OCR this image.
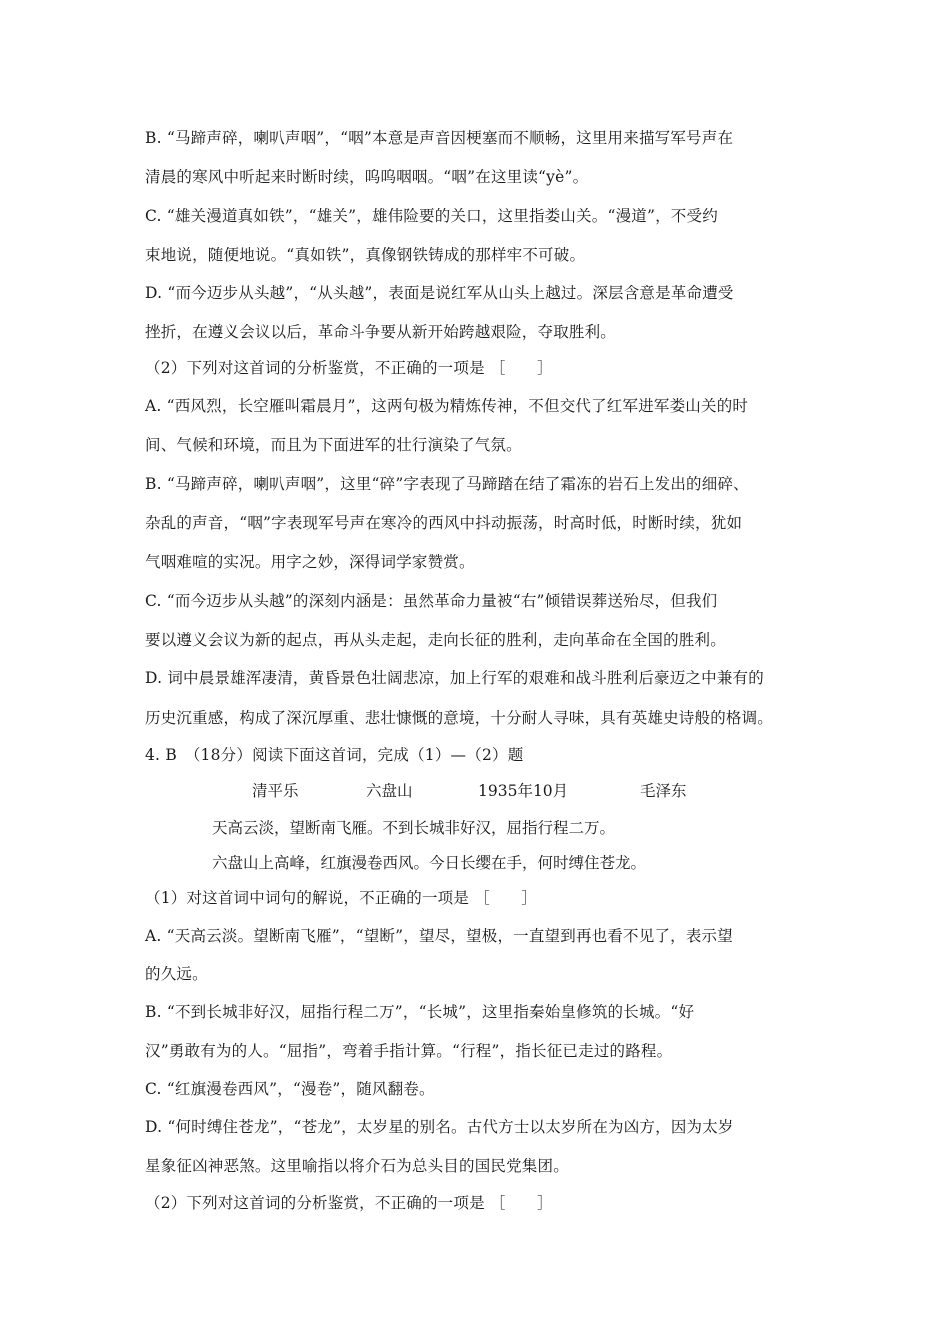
B. “马蹄声碎，喇叭声咽”，“咽”本意是声音因梗塞而不顺畅，这里用来描写军号声在
清晨的寒风中听起来时断时续，呜呜咽咽。“咽”在这里读“yè”。
C. “雄关漫道真如铁”，“雄关”，雄伟险要的关口，这里指娄山关。“漫道”，不受约
束地说，随便地说。“真如铁”，真像钢铁铸成的那样牢不可破。
D. “而今迈步从头越”，“从头越”，表面是说红军从山头上越过。深层含意是革命遭受
挫折，在遵义会议以后，革命斗争要从新开始跨越艰险，夺取胜利。
（2）下列对这首词的分析鉴赏，不正确的一项是 ［　　］
A. “西风烈，长空雁叫霜晨月”，这两句极为精炼传神，不但交代了红军进军娄山关的时
间、气候和环境，而且为下面进军的壮行演染了气氛。
B. “马蹄声碎，喇叭声咽”，这里“碎”字表现了马蹄踏在结了霜冻的岩石上发出的细碎、
杂乱的声音，“咽”字表现军号声在寒冷的西风中抖动振荡，时高时低，时断时续，犹如
气咽难喧的实况。用字之妙，深得词学家赞赏。
C. “而今迈步从头越”的深刻内涵是：虽然革命力量被“右”倾错误葬送殆尽，但我们
要以遵义会议为新的起点，再从头走起，走向长征的胜利，走向革命在全国的胜利。
D. 词中晨景雄浑凄清，黄昏景色壮阔悲凉，加上行军的艰难和战斗胜利后豪迈之中兼有的
历史沉重感，构成了深沉厚重、悲壮慷慨的意境，十分耐人寻味，具有英雄史诗般的格调。
4. B　（18分）阅读下面这首词，完成（1）—（2）题
清平乐	六盘山	1935年10月	毛泽东
天高云淡，望断南飞雁。不到长城非好汉，屈指行程二万。
六盘山上高峰，红旗漫卷西风。今日长缨在手，何时缚住苍龙。
（1）对这首词中词句的解说，不正确的一项是 ［　　］
A. “天高云淡。望断南飞雁”，“望断”，望尽，望极，一直望到再也看不见了，表示望
的久远。
B. “不到长城非好汉，屈指行程二万”，“长城”，这里指秦始皇修筑的长城。“好
汉”勇敢有为的人。“屈指”，弯着手指计算。“行程”，指长征已走过的路程。
C. “红旗漫卷西风”，“漫卷”，随风翻卷。
D. “何时缚住苍龙”，“苍龙”，太岁星的别名。古代方士以太岁所在为凶方，因为太岁
星象征凶神恶煞。这里喻指以将介石为总头目的国民党集团。
（2）下列对这首词的分析鉴赏，不正确的一项是 ［　　］
